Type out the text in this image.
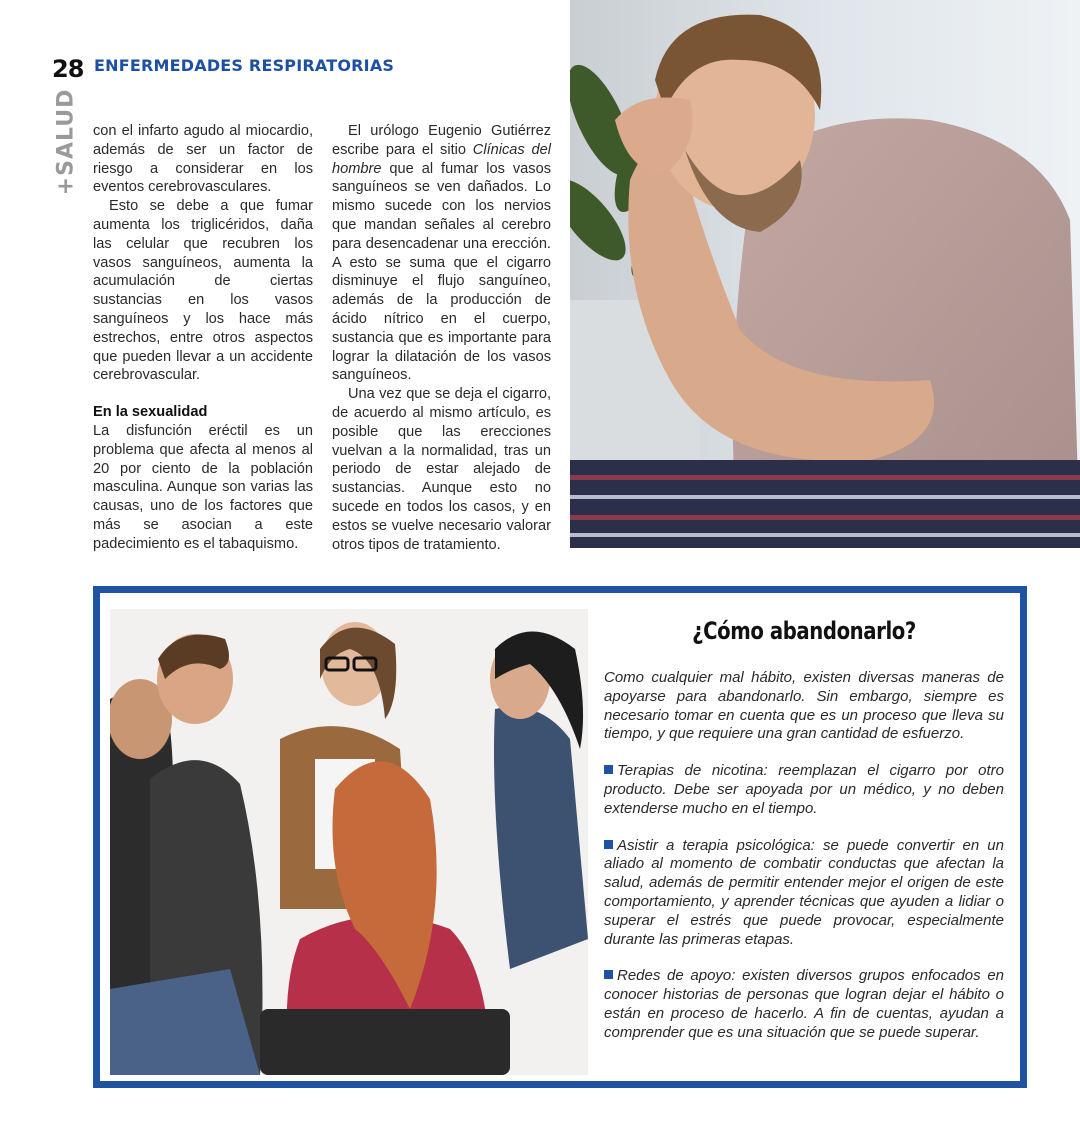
28
+SALUD
ENFERMEDADES RESPIRATORIAS

con el infarto agudo al miocardio, además de ser un factor de riesgo a considerar en los eventos cerebrovasculares.

Esto se debe a que fumar aumenta los triglicéridos, daña las celular que recubren los vasos sanguíneos, aumenta la acumulación de ciertas sustancias en los vasos sanguíneos y los hace más estrechos, entre otros aspectos que pueden llevar a un accidente cerebrovascular.

En la sexualidad

La disfunción eréctil es un problema que afecta al menos al 20 por ciento de la población masculina. Aunque son varias las causas, uno de los factores que más se asocian a este padecimiento es el tabaquismo.

El urólogo Eugenio Gutiérrez escribe para el sitio Clínicas del hombre que al fumar los vasos sanguíneos se ven dañados. Lo mismo sucede con los nervios que mandan señales al cerebro para desencadenar una erección. A esto se suma que el cigarro disminuye el flujo sanguíneo, además de la producción de ácido nítrico en el cuerpo, sustancia que es importante para lograr la dilatación de los vasos sanguíneos.

Una vez que se deja el cigarro, de acuerdo al mismo artículo, es posible que las erecciones vuelvan a la normalidad, tras un periodo de estar alejado de sustancias. Aunque esto no sucede en todos los casos, y en estos se vuelve necesario valorar otros tipos de tratamiento.

¿Cómo abandonarlo?

Como cualquier mal hábito, existen diversas maneras de apoyarse para abandonarlo. Sin embargo, siempre es necesario tomar en cuenta que es un proceso que lleva su tiempo, y que requiere una gran cantidad de esfuerzo.

Terapias de nicotina: reemplazan el cigarro por otro producto. Debe ser apoyada por un médico, y no deben extenderse mucho en el tiempo.

Asistir a terapia psicológica: se puede convertir en un aliado al momento de combatir conductas que afectan la salud, además de permitir entender mejor el origen de este comportamiento, y aprender técnicas que ayuden a lidiar o superar el estrés que puede provocar, especialmente durante las primeras etapas.

Redes de apoyo: existen diversos grupos enfocados en conocer historias de personas que logran dejar el hábito o están en proceso de hacerlo. A fin de cuentas, ayudan a comprender que es una situación que se puede superar.
